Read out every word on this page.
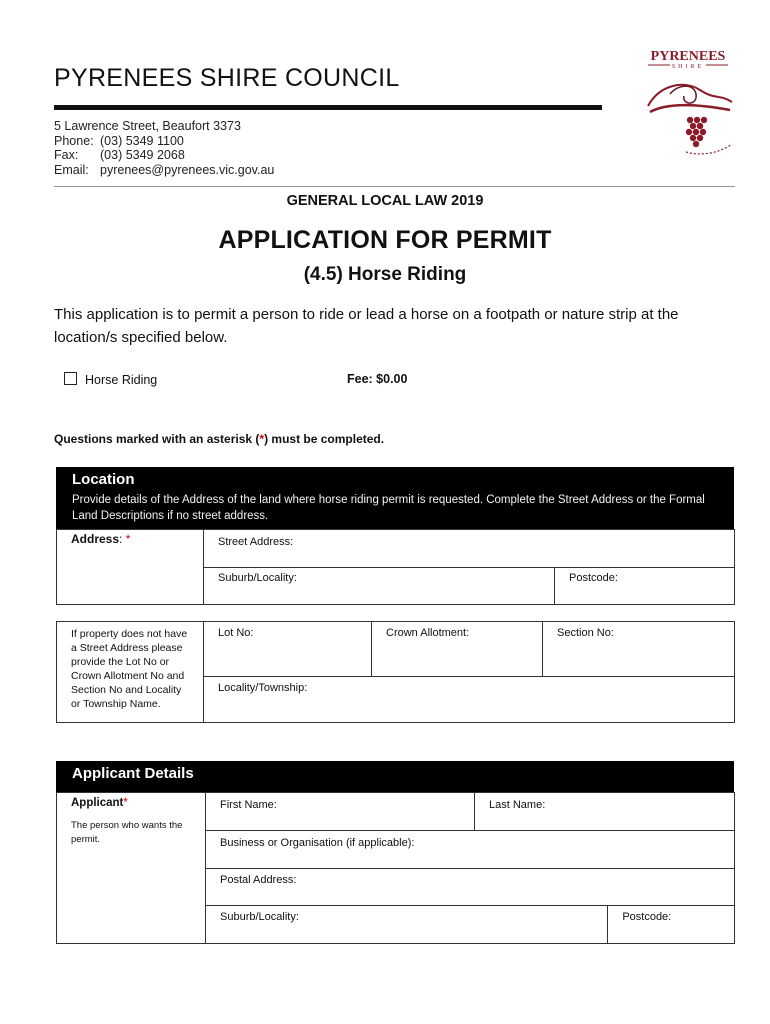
PYRENEES SHIRE COUNCIL
5 Lawrence Street, Beaufort 3373
Phone: (03) 5349 1100
Fax: (03) 5349 2068
Email: pyrenees@pyrenees.vic.gov.au
PYRENEES
SHIRE
GENERAL LOCAL LAW 2019
APPLICATION FOR PERMIT
(4.5) Horse Riding
This application is to permit a person to ride or lead a horse on a footpath or nature strip at the location/s specified below.
Horse Riding	Fee: $0.00
Questions marked with an asterisk (*) must be completed.
Location
Provide details of the Address of the land where horse riding permit is requested. Complete the Street Address or the Formal Land Descriptions if no street address.
Address: *	Street Address:	

	Suburb/Locality:	Postcode:
If property does not have a Street Address please provide the Lot No or Crown Allotment No and Section No and Locality or Township Name.

Lot No:	Crown Allotment:	Section No:

Locality/Township:
Applicant Details
Applicant*
The person who wants the permit.	First Name:	Last Name:	

	Business or Organisation (if applicable):		

	Postal Address:		

	Suburb/Locality:		Postcode:
